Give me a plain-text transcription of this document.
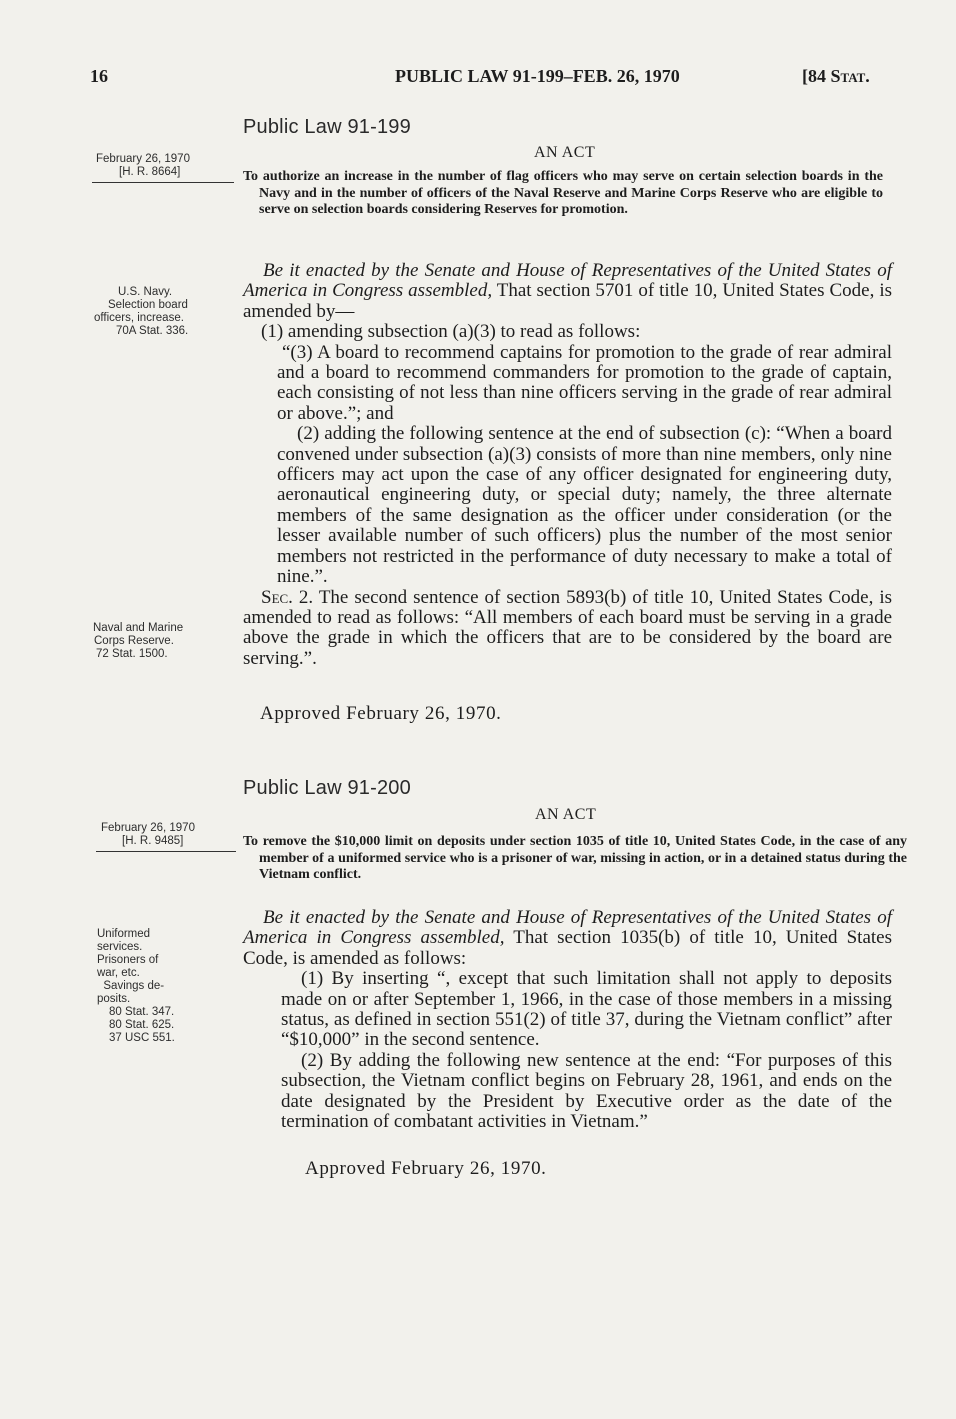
16	PUBLIC LAW 91-199–FEB. 26, 1970	[84 Stat.
Public Law 91-199
AN ACT
February 26, 1970
[H. R. 8664]	To authorize an increase in the number of flag officers who may serve on certain selection boards in the Navy and in the number of officers of the Naval Reserve and Marine Corps Reserve who are eligible to serve on selection boards considering Reserves for promotion.
U.S. Navy.
Selection board
officers, increase.
70A Stat. 336.

Be it enacted by the Senate and House of Representatives of the United States of America in Congress assembled, That section 5701 of title 10, United States Code, is amended by—

(1) amending subsection (a)(3) to read as follows:

“(3) A board to recommend captains for promotion to the grade of rear admiral and a board to recommend commanders for promotion to the grade of captain, each consisting of not less than nine officers serving in the grade of rear admiral or above.”; and

(2) adding the following sentence at the end of subsection (c): “When a board convened under subsection (a)(3) consists of more than nine members, only nine officers may act upon the case of any officer designated for engineering duty, aeronautical engineering duty, or special duty; namely, the three alternate members of the same designation as the officer under consideration (or the lesser available number of such officers) plus the number of the most senior members not restricted in the performance of duty necessary to make a total of nine.”.

Sec. 2. The second sentence of section 5893(b) of title 10, United States Code, is amended to read as follows: “All members of each board must be serving in a grade above the grade in which the officers that are to be considered by the board are serving.”.

Naval and Marine
Corps Reserve.
72 Stat. 1500.
Approved February 26, 1970.
Public Law 91-200
AN ACT
February 26, 1970
[H. R. 9485]	To remove the $10,000 limit on deposits under section 1035 of title 10, United States Code, in the case of any member of a uniformed service who is a prisoner of war, missing in action, or in a detained status during the Vietnam conflict.
Uniformed
services.
Prisoners of
war, etc.
Savings de-
posits.
80 Stat. 347.
80 Stat. 625.
37 USC 551.

Be it enacted by the Senate and House of Representatives of the United States of America in Congress assembled, That section 1035(b) of title 10, United States Code, is amended as follows:

(1) By inserting “, except that such limitation shall not apply to deposits made on or after September 1, 1966, in the case of those members in a missing status, as defined in section 551(2) of title 37, during the Vietnam conflict” after “$10,000” in the second sentence.

(2) By adding the following new sentence at the end: “For purposes of this subsection, the Vietnam conflict begins on February 28, 1961, and ends on the date designated by the President by Executive order as the date of the termination of combatant activities in Vietnam.”

Approved February 26, 1970.
